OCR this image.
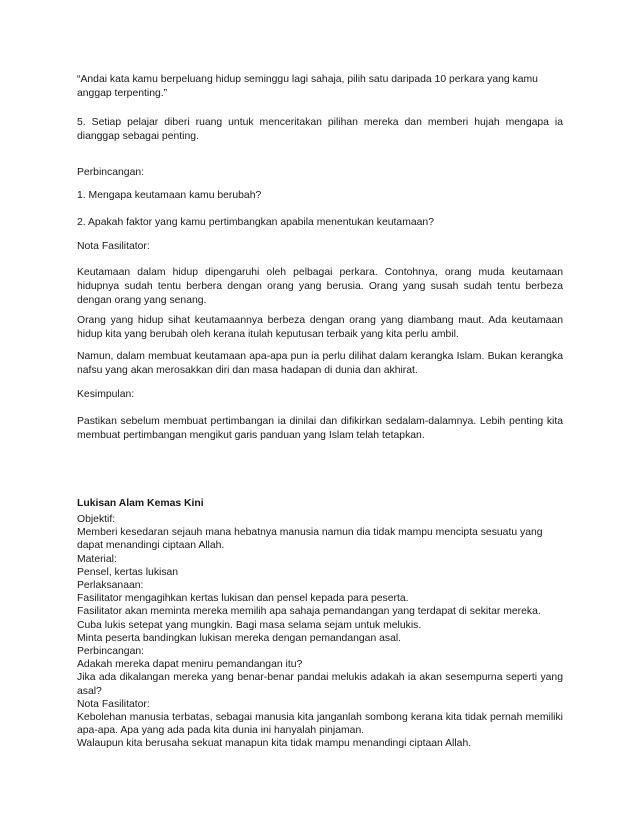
“Andai kata kamu berpeluang hidup seminggu lagi sahaja, pilih satu daripada 10 perkara yang kamu anggap terpenting.”
5. Setiap pelajar diberi ruang untuk menceritakan pilihan mereka dan memberi hujah mengapa ia dianggap sebagai penting.
Perbincangan:
1. Mengapa keutamaan kamu berubah?
2. Apakah faktor yang kamu pertimbangkan apabila menentukan keutamaan?
Nota Fasilitator:
Keutamaan dalam hidup dipengaruhi oleh pelbagai perkara. Contohnya, orang muda keutamaan hidupnya sudah tentu berbera dengan orang yang berusia. Orang yang susah sudah tentu berbeza dengan orang yang senang.
Orang yang hidup sihat keutamaannya berbeza dengan orang yang diambang maut. Ada keutamaan hidup kita yang berubah oleh kerana itulah keputusan terbaik yang kita perlu ambil.
Namun, dalam membuat keutamaan apa-apa pun ia perlu dilihat dalam kerangka Islam. Bukan kerangka nafsu yang akan merosakkan diri dan masa hadapan di dunia dan akhirat.
Kesimpulan:
Pastikan sebelum membuat pertimbangan ia dinilai dan difikirkan sedalam-dalamnya. Lebih penting kita membuat pertimbangan mengikut garis panduan yang Islam telah tetapkan.
Lukisan Alam Kemas Kini
Objektif:
Memberi kesedaran sejauh mana hebatnya manusia namun dia tidak mampu mencipta sesuatu yang dapat menandingi ciptaan Allah.
Material:
Pensel, kertas lukisan
Perlaksanaan:
Fasilitator mengagihkan kertas lukisan dan pensel kepada para peserta.
Fasilitator akan meminta mereka memilih apa sahaja pemandangan yang terdapat di sekitar mereka.
Cuba lukis setepat yang mungkin. Bagi masa selama sejam untuk melukis.
Minta peserta bandingkan lukisan mereka dengan pemandangan asal.
Perbincangan:
Adakah mereka dapat meniru pemandangan itu?
Jika ada dikalangan mereka yang benar-benar pandai melukis adakah ia akan sesempurna seperti yang asal?
Nota Fasilitator:
Kebolehan manusia terbatas, sebagai manusia kita janganlah sombong kerana kita tidak pernah memiliki apa-apa. Apa yang ada pada kita dunia ini hanyalah pinjaman.
Walaupun kita berusaha sekuat manapun kita tidak mampu menandingi ciptaan Allah.
